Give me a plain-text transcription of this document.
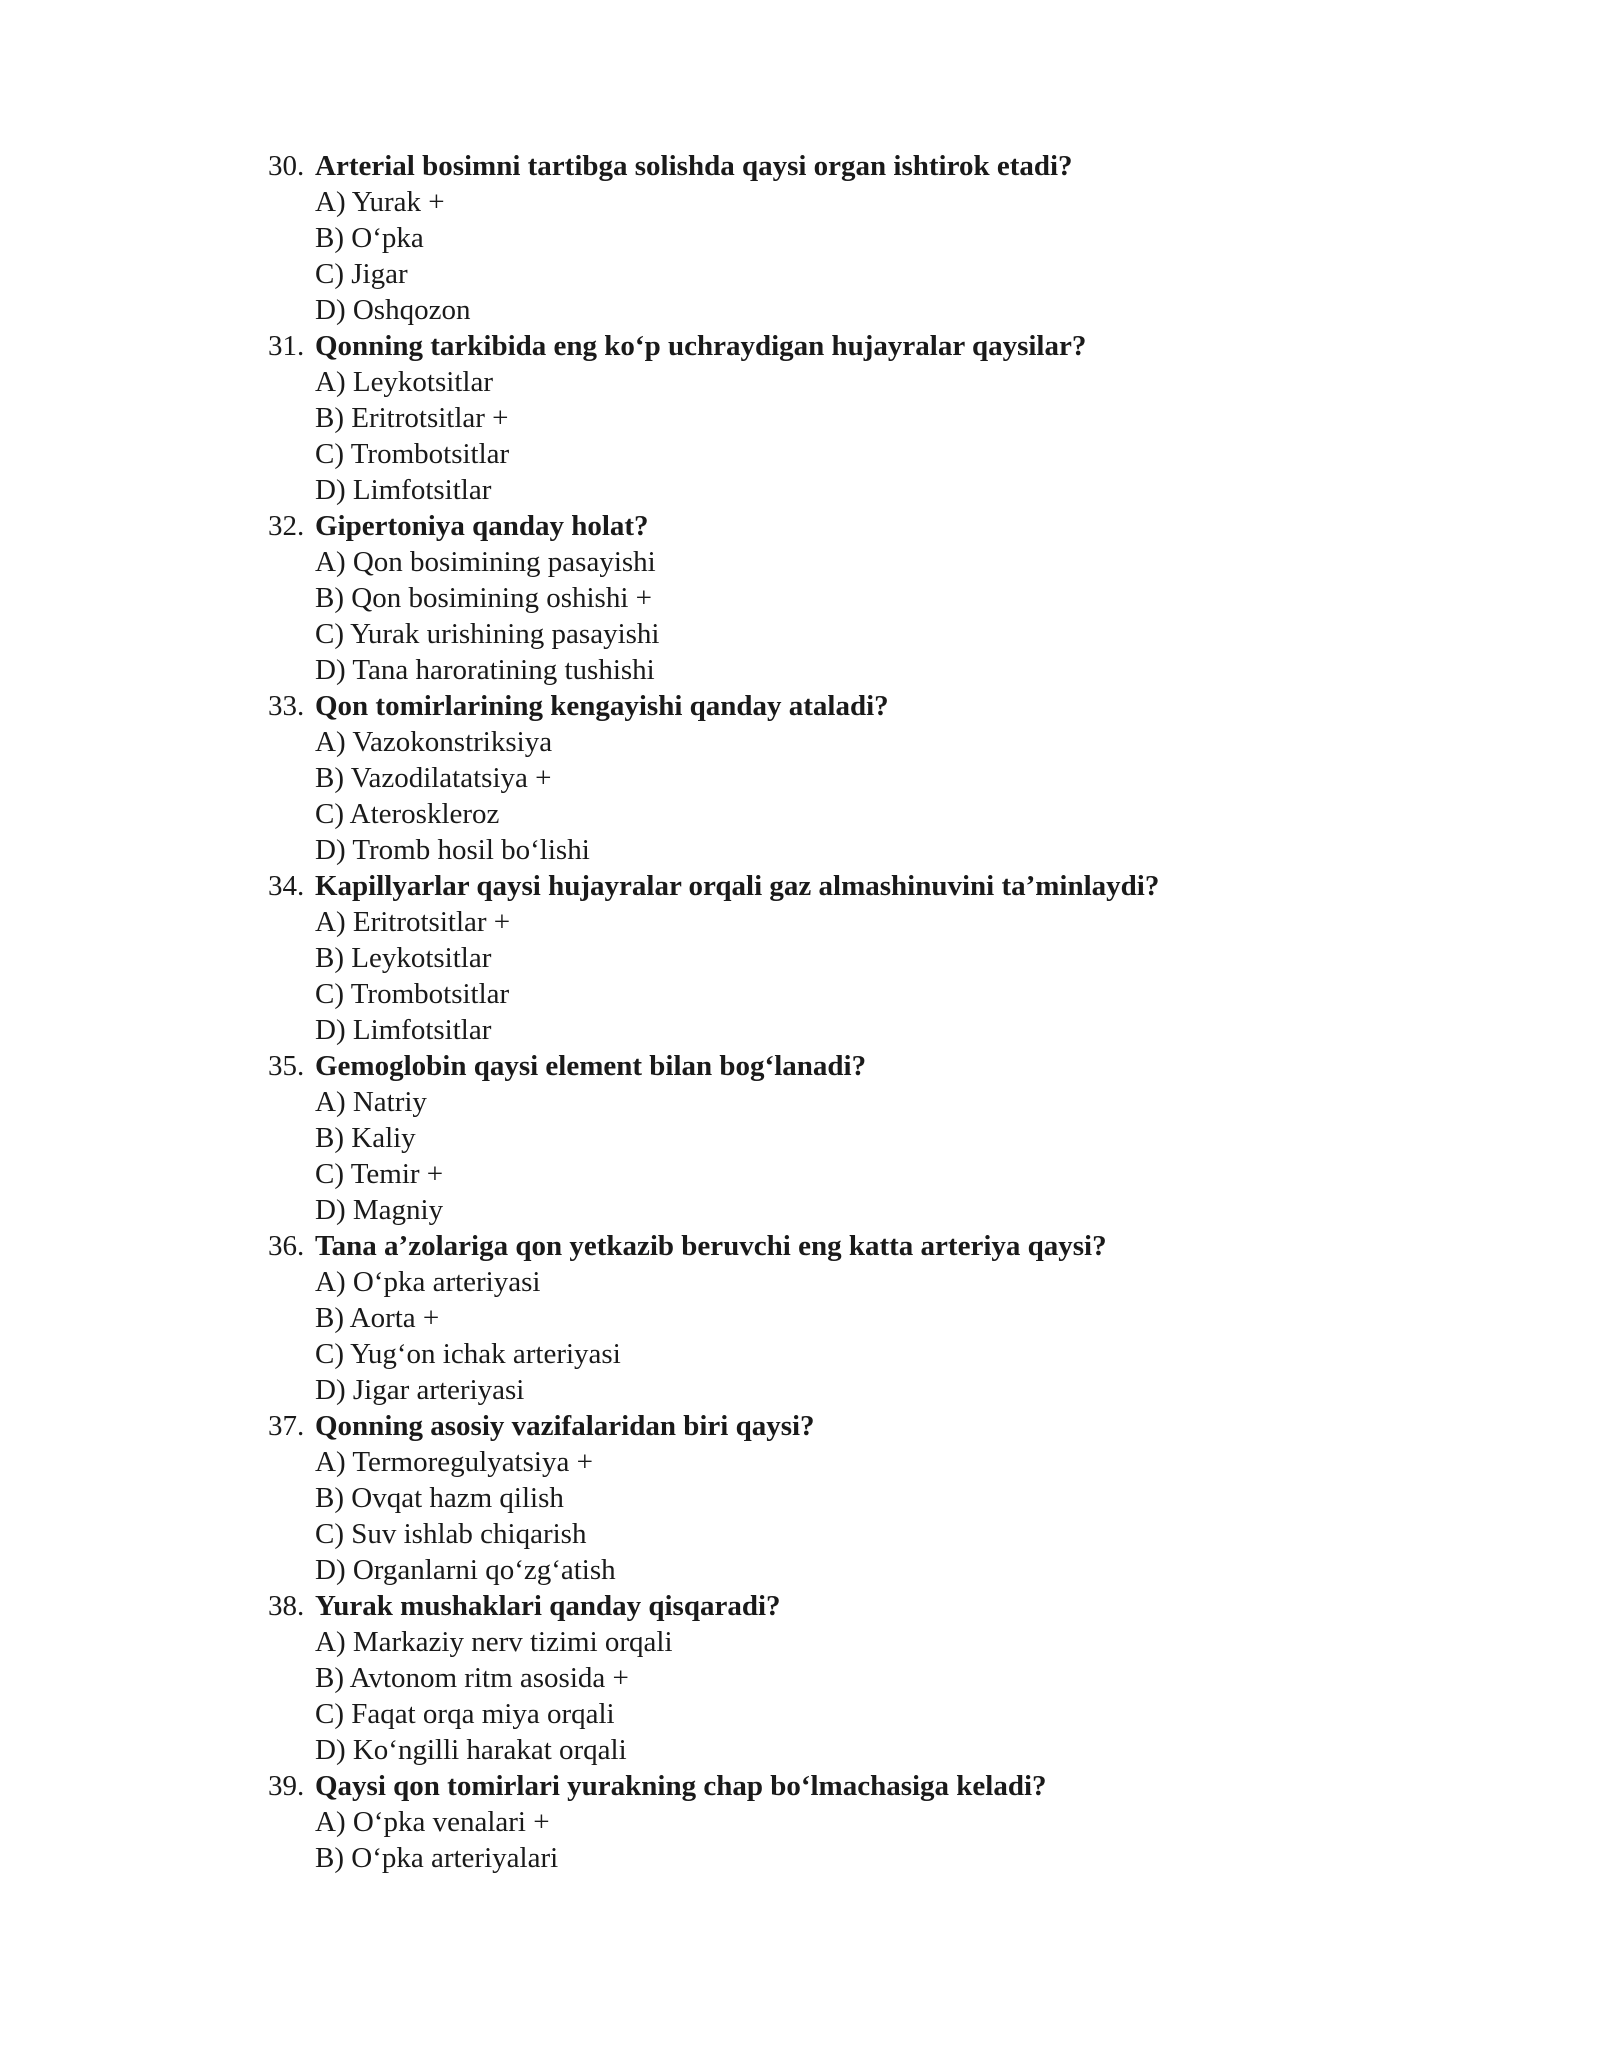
30. Arterial bosimni tartibga solishda qaysi organ ishtirok etadi?
A) Yurak +
B) O‘pka
C) Jigar
D) Oshqozon
31. Qonning tarkibida eng ko‘p uchraydigan hujayralar qaysilar?
A) Leykotsitlar
B) Eritrotsitlar +
C) Trombotsitlar
D) Limfotsitlar
32. Gipertoniya qanday holat?
A) Qon bosimining pasayishi
B) Qon bosimining oshishi +
C) Yurak urishining pasayishi
D) Tana haroratining tushishi
33. Qon tomirlarining kengayishi qanday ataladi?
A) Vazokonstriksiya
B) Vazodilatatsiya +
C) Ateroskleroz
D) Tromb hosil bo‘lishi
34. Kapillyarlar qaysi hujayralar orqali gaz almashinuvini ta’minlaydi?
A) Eritrotsitlar +
B) Leykotsitlar
C) Trombotsitlar
D) Limfotsitlar
35. Gemoglobin qaysi element bilan bog‘lanadi?
A) Natriy
B) Kaliy
C) Temir +
D) Magniy
36. Tana a’zolariga qon yetkazib beruvchi eng katta arteriya qaysi?
A) O‘pka arteriyasi
B) Aorta +
C) Yug‘on ichak arteriyasi
D) Jigar arteriyasi
37. Qonning asosiy vazifalaridan biri qaysi?
A) Termoregulyatsiya +
B) Ovqat hazm qilish
C) Suv ishlab chiqarish
D) Organlarni qo‘zg‘atish
38. Yurak mushaklari qanday qisqaradi?
A) Markaziy nerv tizimi orqali
B) Avtonom ritm asosida +
C) Faqat orqa miya orqali
D) Ko‘ngilli harakat orqali
39. Qaysi qon tomirlari yurakning chap bo‘lmachasiga keladi?
A) O‘pka venalari +
B) O‘pka arteriyalari
